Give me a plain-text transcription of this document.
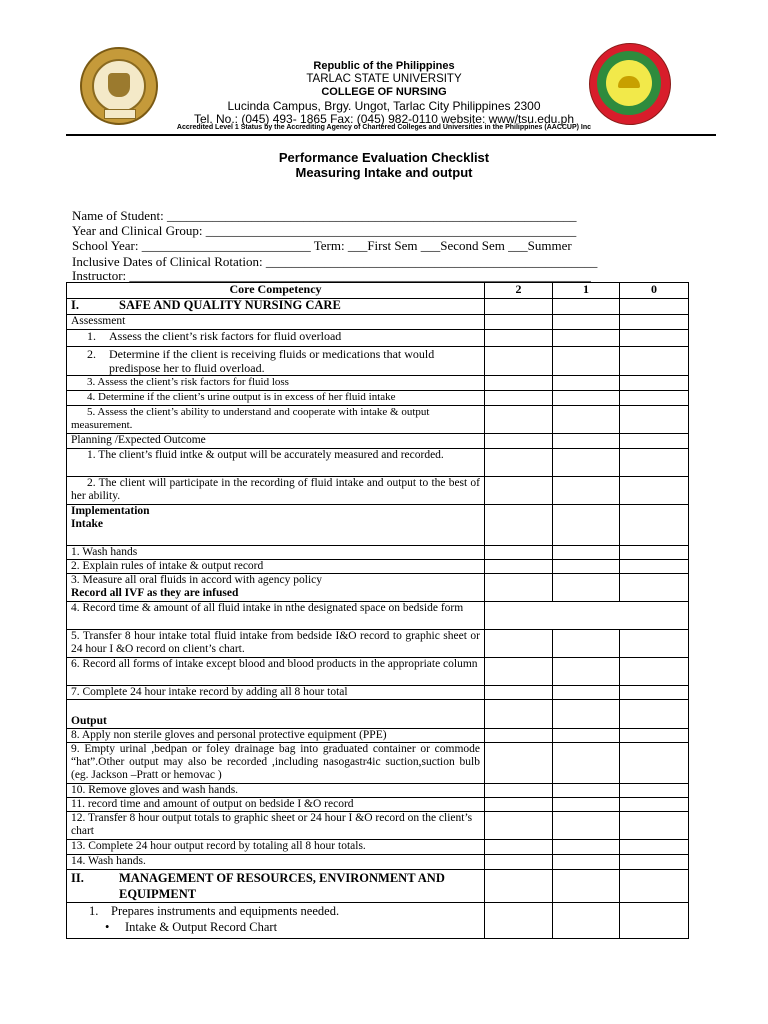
Republic of the Philippines
TARLAC STATE UNIVERSITY
COLLEGE OF NURSING
Lucinda Campus, Brgy. Ungot, Tarlac City Philippines 2300
Tel. No.: (045) 493- 1865 Fax: (045) 982-0110 website: www/tsu.edu.ph
Accredited Level 1 Status by the Accrediting Agency of Chartered Colleges and Universities in the Philippines (AACCUP) Inc
Performance Evaluation Checklist
Measuring Intake and output
Name of Student: _______________________________________________________________
Year and Clinical Group: _________________________________________________________
School Year: __________________________ Term: ___First Sem ___Second Sem ___Summer
Inclusive Dates of Clinical Rotation: ___________________________________________________
Instructor: _______________________________________________________________________
Core Competency	2	1	0
I. SAFE AND QUALITY NURSING CARE			
Assessment			
1. Assess the client’s risk factors for fluid overload			
2. Determine if the client is receiving fluids or medications that would predispose her to fluid overload.			
3. Assess the client’s risk factors for fluid loss			
4. Determine if the client’s urine output is in excess of her fluid intake			
5. Assess the client’s ability to understand and cooperate with intake & output measurement.			
Planning /Expected Outcome			
1. The client’s fluid intke & output will be accurately measured and recorded.			
2. The client will participate in the recording of fluid intake and output to the best of her ability.			

Implementation
Intake			

1. Wash hands			
2. Explain rules of intake & output record			

3. Measure all oral fluids in accord with agency policy
Record all IVF as they are infused			

4. Record time & amount of all fluid intake in nthe designated space on bedside form			
5. Transfer 8 hour intake total fluid intake from bedside I&O record to graphic sheet or 24 hour I &O record on client’s chart.			
6. Record all forms of intake except blood and blood products in the appropriate column			
7. Complete 24 hour intake record by adding all 8 hour total			
Output			
8. Apply non sterile gloves and personal protective equipment (PPE)			
9. Empty urinal ,bedpan or foley drainage bag into graduated container or commode “hat”.Other output may also be recorded ,including nasogastr4ic suction,suction bulb (eg. Jackson –Pratt or hemovac )			
10. Remove gloves and wash hands.			
11. record time and amount of output on bedside I &O record			
12. Transfer 8 hour output totals to graphic sheet or 24 hour I &O record on the client’s chart			
13. Complete 24 hour output record by totaling all 8 hour totals.			
14. Wash hands.			
II. MANAGEMENT OF RESOURCES, ENVIRONMENT AND EQUIPMENT			

1. Prepares instruments and equipments needed.
• Intake & Output Record Chart
